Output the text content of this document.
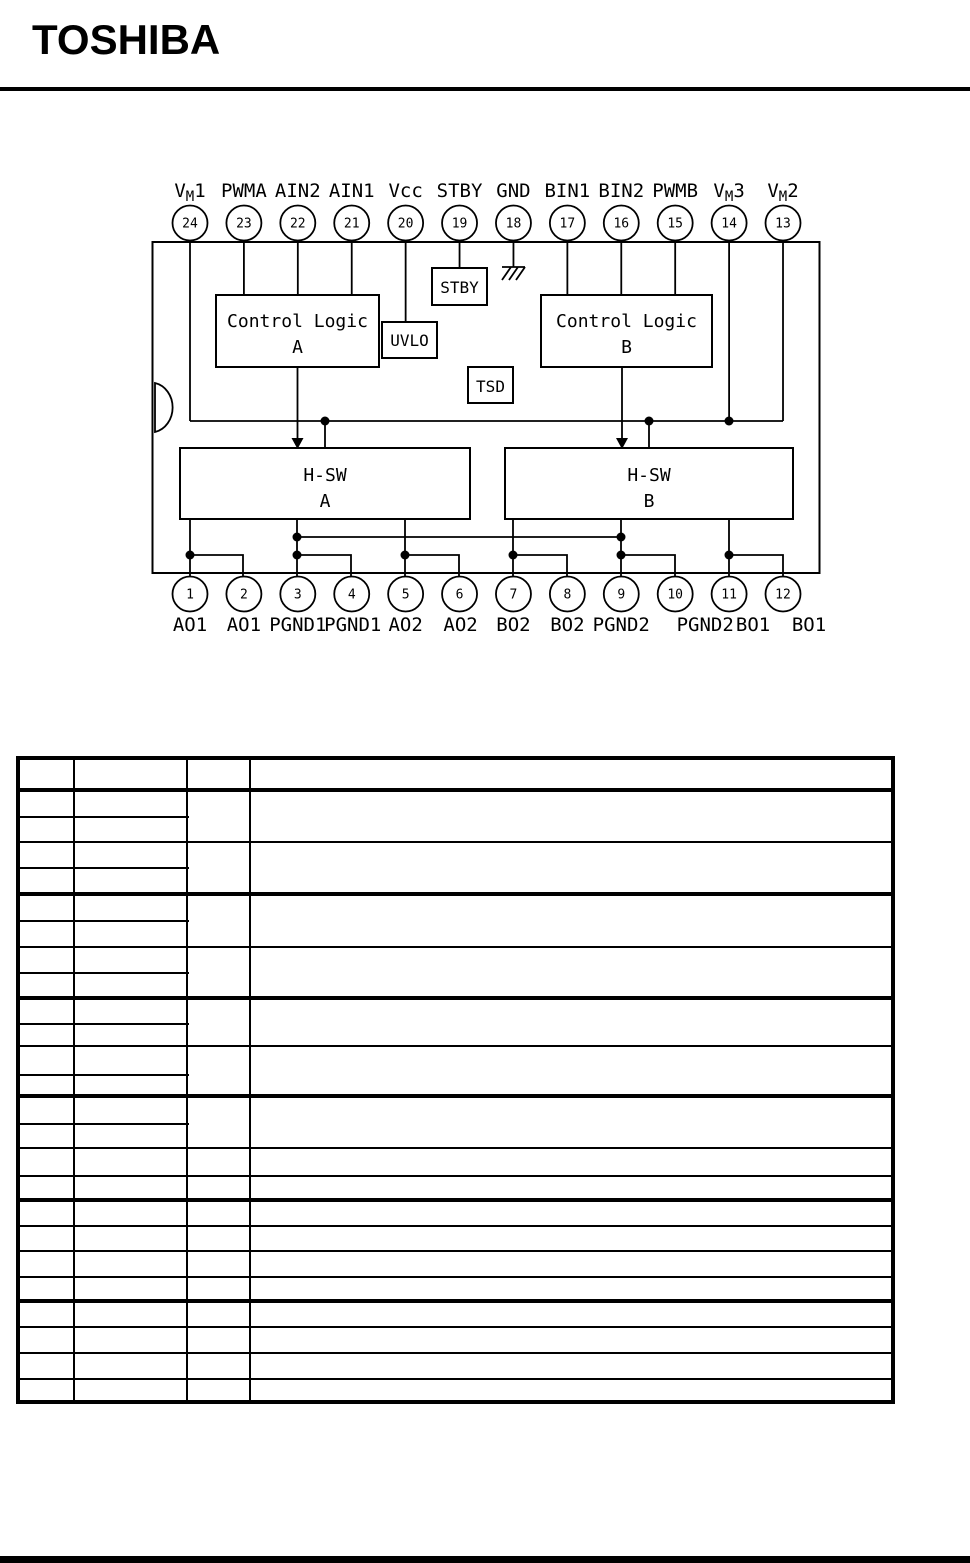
TOSHIBA
Control Logic
A
Control Logic
B
STBY
UVLO
TSD
H-SW
A
H-SW
B
24
$V_M1$
23
PWMA
22
AIN2
21
AIN1
20
Vcc
19
STBY
18
GND
17
BIN1
16
BIN2
15
PWMB
14
$V_M3$
13
$V_M2$
1
AO1
2
AO1
3
PGND1
4
PGND1
5
AO2
6
AO2
7
BO2
8
BO2
9
PGND2
10
PGND2
11
BO1
12
BO1
